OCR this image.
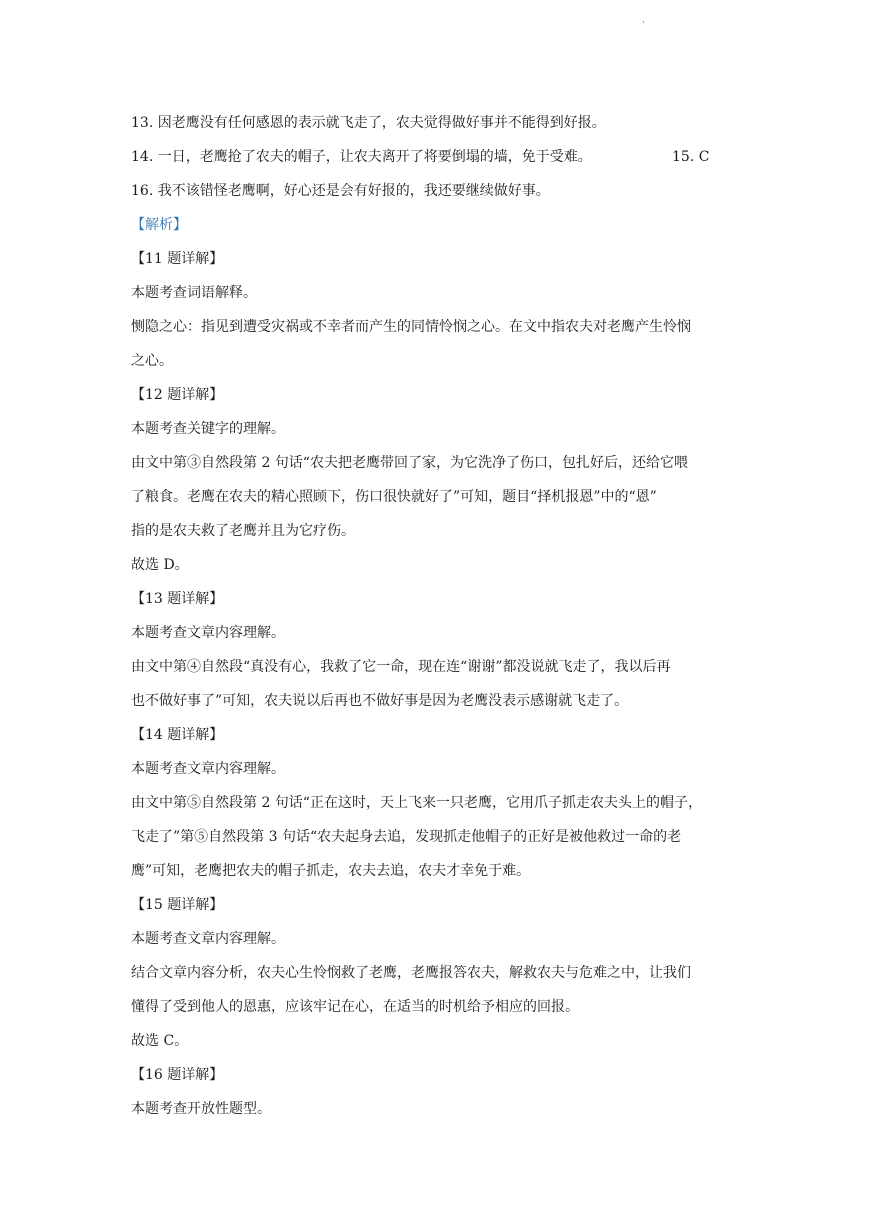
·
13. 因老鹰没有任何感恩的表示就飞走了，农夫觉得做好事并不能得到好报。
14. 一日，老鹰抢了农夫的帽子，让农夫离开了将要倒塌的墙，免于受难。	15. C
16. 我不该错怪老鹰啊，好心还是会有好报的，我还要继续做好事。
【解析】
【11 题详解】
本题考查词语解释。
恻隐之心：指见到遭受灾祸或不幸者而产生的同情怜悯之心。在文中指农夫对老鹰产生怜悯
之心。
【12 题详解】
本题考查关键字的理解。
由文中第③自然段第 2 句话“农夫把老鹰带回了家，为它洗净了伤口，包扎好后，还给它喂
了粮食。老鹰在农夫的精心照顾下，伤口很快就好了”可知，题目“择机报恩”中的“恩”
指的是农夫救了老鹰并且为它疗伤。
故选 D。
【13 题详解】
本题考查文章内容理解。
由文中第④自然段“真没有心，我救了它一命，现在连“谢谢”都没说就飞走了，我以后再
也不做好事了”可知，农夫说以后再也不做好事是因为老鹰没表示感谢就飞走了。
【14 题详解】
本题考查文章内容理解。
由文中第⑤自然段第 2 句话“正在这时，天上飞来一只老鹰，它用爪子抓走农夫头上的帽子，
飞走了”第⑤自然段第 3 句话“农夫起身去追，发现抓走他帽子的正好是被他救过一命的老
鹰”可知，老鹰把农夫的帽子抓走，农夫去追，农夫才幸免于难。
【15 题详解】
本题考查文章内容理解。
结合文章内容分析，农夫心生怜悯救了老鹰，老鹰报答农夫，解救农夫与危难之中，让我们
懂得了受到他人的恩惠，应该牢记在心，在适当的时机给予相应的回报。
故选 C。
【16 题详解】
本题考查开放性题型。
